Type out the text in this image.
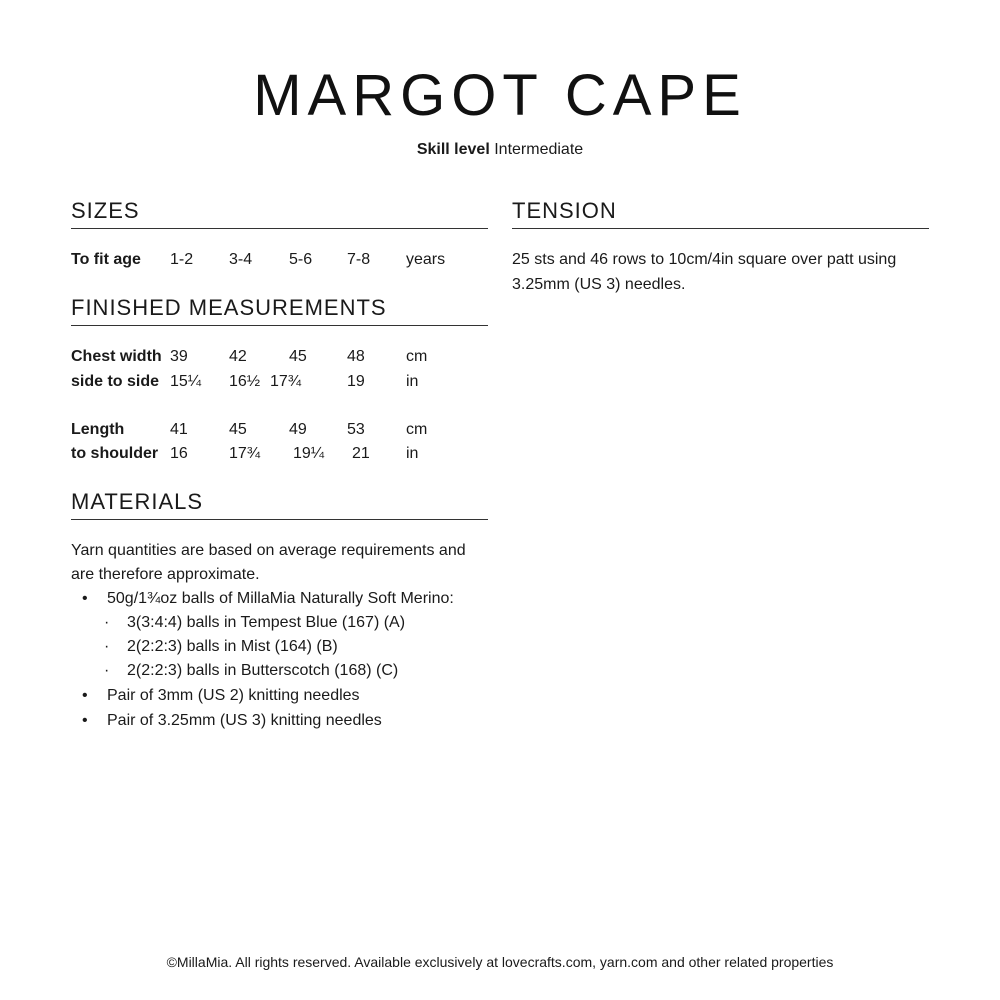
MARGOT CAPE
Skill level Intermediate
SIZES
To fit age 1-2 3-4 5-6 7-8 years
FINISHED MEASUREMENTS
Chest width 39	42	45	48	cm
side to side 15¼ 16½ 17¾	19	in
Length	41	45	49	53	cm
to shoulder 16	17¾ 19¼ 21 in
MATERIALS
Yarn quantities are based on average requirements and
are therefore approximate.
• 50g/1¾oz balls of MillaMia Naturally Soft Merino:
· 3(3:4:4) balls in Tempest Blue (167) (A)
· 2(2:2:3) balls in Mist (164) (B)
· 2(2:2:3) balls in Butterscotch (168) (C)
• Pair of 3mm (US 2) knitting needles
• Pair of 3.25mm (US 3) knitting needles
TENSION
25 sts and 46 rows to 10cm/4in square over patt using
3.25mm (US 3) needles.
©MillaMia. All rights reserved. Available exclusively at lovecrafts.com, yarn.com and other related properties
